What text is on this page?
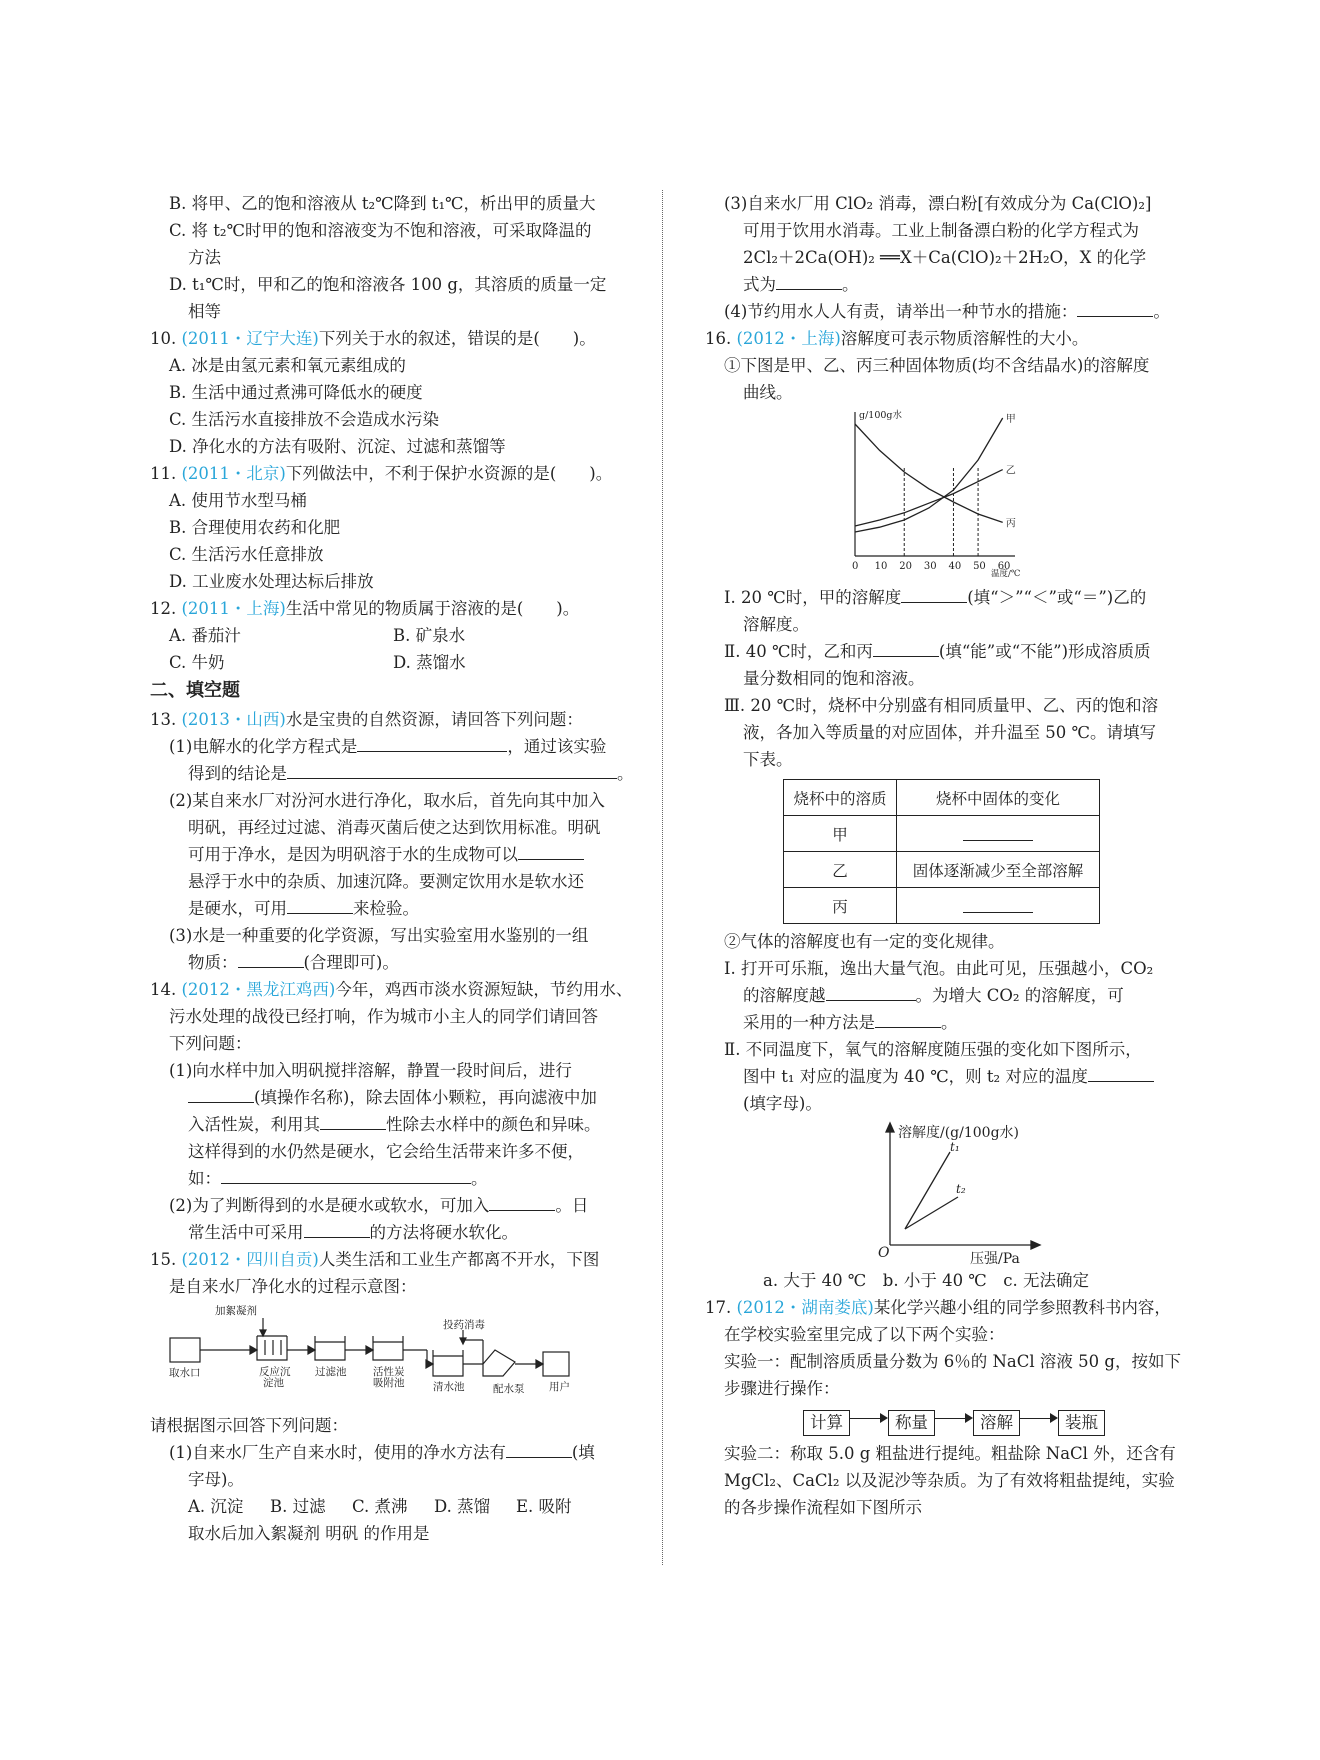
B. 将甲、乙的饱和溶液从 t₂℃降到 t₁℃，析出甲的质量大
C. 将 t₂℃时甲的饱和溶液变为不饱和溶液，可采取降温的
方法
D. t₁℃时，甲和乙的饱和溶液各 100 g，其溶质的质量一定
相等
10. (2011・辽宁大连)下列关于水的叙述，错误的是(　　)。
A. 冰是由氢元素和氧元素组成的
B. 生活中通过煮沸可降低水的硬度
C. 生活污水直接排放不会造成水污染
D. 净化水的方法有吸附、沉淀、过滤和蒸馏等
11. (2011・北京)下列做法中，不利于保护水资源的是(　　)。
A. 使用节水型马桶
B. 合理使用农药和化肥
C. 生活污水任意排放
D. 工业废水处理达标后排放
12. (2011・上海)生活中常见的物质属于溶液的是(　　)。
A. 番茄汁	B. 矿泉水
C. 牛奶	D. 蒸馏水
二、填空题
13. (2013・山西)水是宝贵的自然资源，请回答下列问题：
(1)电解水的化学方程式是	，通过该实验
得到的结论是	。
(2)某自来水厂对汾河水进行净化，取水后，首先向其中加入
明矾，再经过过滤、消毒灭菌后使之达到饮用标准。明矾
可用于净水，是因为明矾溶于水的生成物可以
悬浮于水中的杂质、加速沉降。要测定饮用水是软水还
是硬水，可用	来检验。
(3)水是一种重要的化学资源，写出实验室用水鉴别的一组
物质：	(合理即可)。
14. (2012・黑龙江鸡西)今年，鸡西市淡水资源短缺，节约用水、
污水处理的战役已经打响，作为城市小主人的同学们请回答
下列问题：
(1)向水样中加入明矾搅拌溶解，静置一段时间后，进行
(填操作名称)，除去固体小颗粒，再向滤液中加
入活性炭，利用其	性除去水样中的颜色和异味。
这样得到的水仍然是硬水，它会给生活带来许多不便，
如：	。
(2)为了判断得到的水是硬水或软水，可加入	。日
常生活中可采用	的方法将硬水软化。
15. (2012・四川自贡)人类生活和工业生产都离不开水，下图
是自来水厂净化水的过程示意图：
加絮凝剂
投药消毒
取水口	反应沉
淀池
过滤池	活性炭
吸附池	清水池	配水泵 用户
请根据图示回答下列问题：
(1)自来水厂生产自来水时，使用的净水方法有	(填
字母)。
A. 沉淀	B. 过滤	C. 煮沸	D. 蒸馏	E. 吸附
取水后加入絮凝剂 明矾 的作用是
(3)自来水厂用 ClO₂ 消毒，漂白粉[有效成分为 Ca(ClO)₂]
可用于饮用水消毒。工业上制备漂白粉的化学方程式为
2Cl₂＋2Ca(OH)₂ ══X＋Ca(ClO)₂＋2H₂O，X 的化学
式为	。
(4)节约用水人人有责，请举出一种节水的措施：	。
16. (2012・上海)溶解度可表示物质溶解性的大小。
①下图是甲、乙、丙三种固体物质(均不含结晶水)的溶解度
曲线。
甲
乙
丙
0 10 20 30 40 50 60
g/100g水
温度/℃
Ⅰ. 20 ℃时，甲的溶解度	(填“＞”“＜”或“＝”)乙的
溶解度。
Ⅱ. 40 ℃时，乙和丙	(填“能”或“不能”)形成溶质质
量分数相同的饱和溶液。
Ⅲ. 20 ℃时，烧杯中分别盛有相同质量甲、乙、丙的饱和溶
液，各加入等质量的对应固体，并升温至 50 ℃。请填写
下表。
烧杯中的溶质	烧杯中固体的变化
甲	
乙	固体逐渐减少至全部溶解
丙	
②气体的溶解度也有一定的变化规律。
Ⅰ. 打开可乐瓶，逸出大量气泡。由此可见，压强越小，CO₂
的溶解度越	。为增大 CO₂ 的溶解度，可
采用的一种方法是	。
Ⅱ. 不同温度下，氧气的溶解度随压强的变化如下图所示，
图中 t₁ 对应的温度为 40 ℃，则 t₂ 对应的温度
(填字母)。
溶解度/(g/100g水)
压强/Pa
O
t₁
t₂
a. 大于 40 ℃　b. 小于 40 ℃　c. 无法确定
17. (2012・湖南娄底)某化学兴趣小组的同学参照教科书内容，
在学校实验室里完成了以下两个实验：
实验一：配制溶质质量分数为 6％的 NaCl 溶液 50 g，按如下
步骤进行操作：
计算	称量	溶解	装瓶
实验二：称取 5.0 g 粗盐进行提纯。粗盐除 NaCl 外，还含有
MgCl₂、CaCl₂ 以及泥沙等杂质。为了有效将粗盐提纯，实验
的各步操作流程如下图所示
